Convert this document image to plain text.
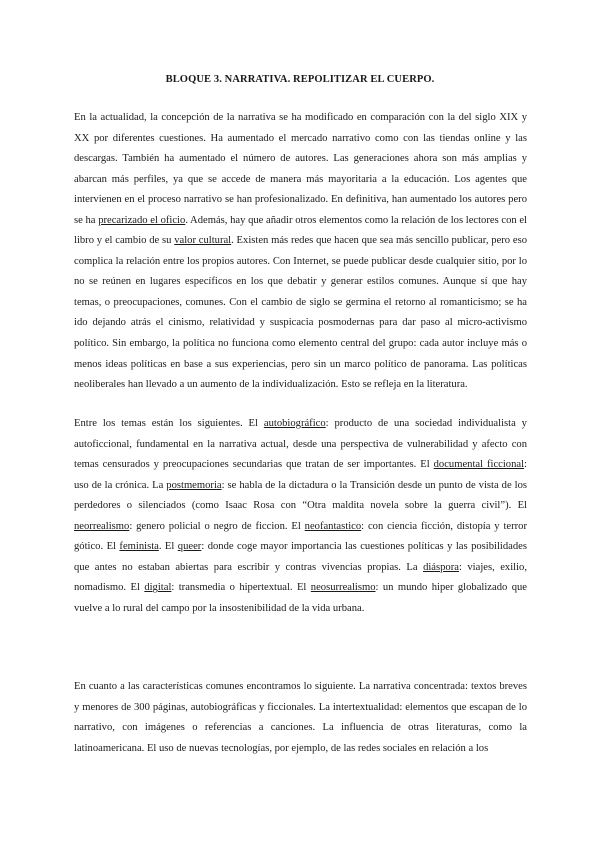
BLOQUE 3. NARRATIVA. REPOLITIZAR EL CUERPO.

En la actualidad, la concepción de la narrativa se ha modificado en comparación con la del siglo XIX y XX por diferentes cuestiones. Ha aumentado el mercado narrativo como con las tiendas online y las descargas. También ha aumentado el número de autores. Las generaciones ahora son más amplias y abarcan más perfiles, ya que se accede de manera más mayoritaria a la educación. Los agentes que intervienen en el proceso narrativo se han profesionalizado. En definitiva, han aumentado los autores pero se ha precarizado el oficio. Además, hay que añadir otros elementos como la relación de los lectores con el libro y el cambio de su valor cultural. Existen más redes que hacen que sea más sencillo publicar, pero eso complica la relación entre los propios autores. Con Internet, se puede publicar desde cualquier sitio, por lo no se reúnen en lugares específicos en los que debatir y generar estilos comunes. Aunque sí que hay temas, o preocupaciones, comunes. Con el cambio de siglo se germina el retorno al romanticismo; se ha ido dejando atrás el cinismo, relatividad y suspicacia posmodernas para dar paso al micro-activismo político. Sin embargo, la política no funciona como elemento central del grupo: cada autor incluye más o menos ideas políticas en base a sus experiencias, pero sin un marco político de panorama. Las políticas neoliberales han llevado a un aumento de la individualización. Esto se refleja en la literatura.

Entre los temas están los siguientes. El autobiográfico: producto de una sociedad individualista y autoficcional, fundamental en la narrativa actual, desde una perspectiva de vulnerabilidad y afecto con temas censurados y preocupaciones secundarias que tratan de ser importantes. El documental ficcional: uso de la crónica. La postmemoria: se habla de la dictadura o la Transición desde un punto de vista de los perdedores o silenciados (como Isaac Rosa con “Otra maldita novela sobre la guerra civil”). El neorrealismo: genero policial o negro de ficcion. El neofantastico: con ciencia ficción, distopía y terror gótico. El feminista. El queer: donde coge mayor importancia las cuestiones políticas y las posibilidades que antes no estaban abiertas para escribir y contras vivencias propias. La diáspora: viajes, exilio, nomadismo. El digital: transmedia o hipertextual. El neosurrealismo: un mundo hiper globalizado que vuelve a lo rural del campo por la insostenibilidad de la vida urbana.

En cuanto a las características comunes encontramos lo siguiente. La narrativa concentrada: textos breves y menores de 300 páginas, autobiográficas y ficcionales. La intertextualidad: elementos que escapan de lo narrativo, con imágenes o referencias a canciones. La influencia de otras literaturas, como la latinoamericana. El uso de nuevas tecnologías, por ejemplo, de las redes sociales en relación a los
